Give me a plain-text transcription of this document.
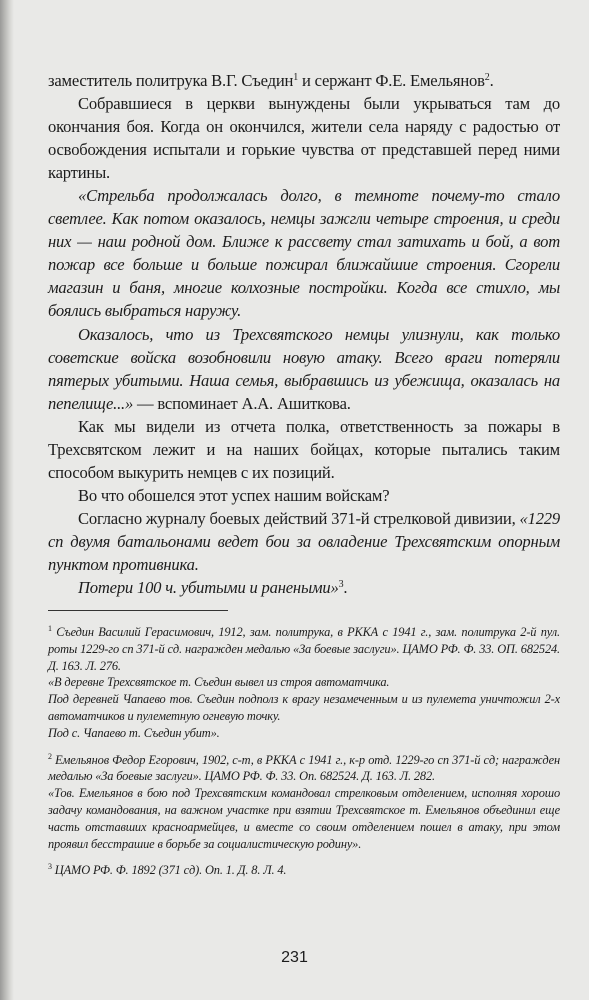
заместитель политрука В.Г. Съедин$^1$ и сержант Ф.Е. Емельянов$^2$.

Собравшиеся в церкви вынуждены были укрываться там до окончания боя. Когда он окончился, жители села наряду с радостью от освобождения испытали и горькие чувства от представшей перед ними картины.

«Стрельба продолжалась долго, в темноте почему-то стало светлее. Как потом оказалось, немцы зажгли четыре строения, и среди них — наш родной дом. Ближе к рассвету стал затихать и бой, а вот пожар все больше и больше пожирал ближайшие строения. Сгорели магазин и баня, многие колхозные постройки. Когда все стихло, мы боялись выбраться наружу.

Оказалось, что из Трехсвятского немцы улизнули, как только советские войска возобновили новую атаку. Всего враги потеряли пятерых убитыми. Наша семья, выбравшись из убежища, оказалась на пепелище...» — вспоминает А.А. Ашиткова.

Как мы видели из отчета полка, ответственность за пожары в Трехсвятском лежит и на наших бойцах, которые пытались таким способом выкурить немцев с их позиций.

Во что обошелся этот успех нашим войскам?

Согласно журналу боевых действий 371-й стрелковой дивизии, «1229 сп двумя батальонами ведет бои за овладение Трехсвятским опорным пунктом противника.

Потери 100 ч. убитыми и ранеными»$^3$.

$^1$ Съедин Василий Герасимович, 1912, зам. политрука, в РККА с 1941 г., зам. политрука 2-й пул. роты 1229-го сп 371-й сд. награжден медалью «За боевые заслуги». ЦАМО РФ. Ф. 33. ОП. 682524. Д. 163. Л. 276.

«В деревне Трехсвятское т. Съедин вывел из строя автоматчика.

Под деревней Чапаево тов. Съедин подполз к врагу незамеченным и из пулемета уничтожил 2-х автоматчиков и пулеметную огневую точку.

Под с. Чапаево т. Съедин убит».

$^2$ Емельянов Федор Егорович, 1902, с-т, в РККА с 1941 г., к-р отд. 1229-го сп 371-й сд; награжден медалью «За боевые заслуги». ЦАМО РФ. Ф. 33. Оп. 682524. Д. 163. Л. 282.

«Тов. Емельянов в бою под Трехсвятским командовал стрелковым отделением, исполняя хорошо задачу командования, на важном участке при взятии Трехсвятское т. Емельянов объединил еще часть отставших красноармейцев, и вместе со своим отделением пошел в атаку, при этом проявил бесстрашие в борьбе за социалистическую родину».

$^3$ ЦАМО РФ. Ф. 1892 (371 сд). Оп. 1. Д. 8. Л. 4.

231
